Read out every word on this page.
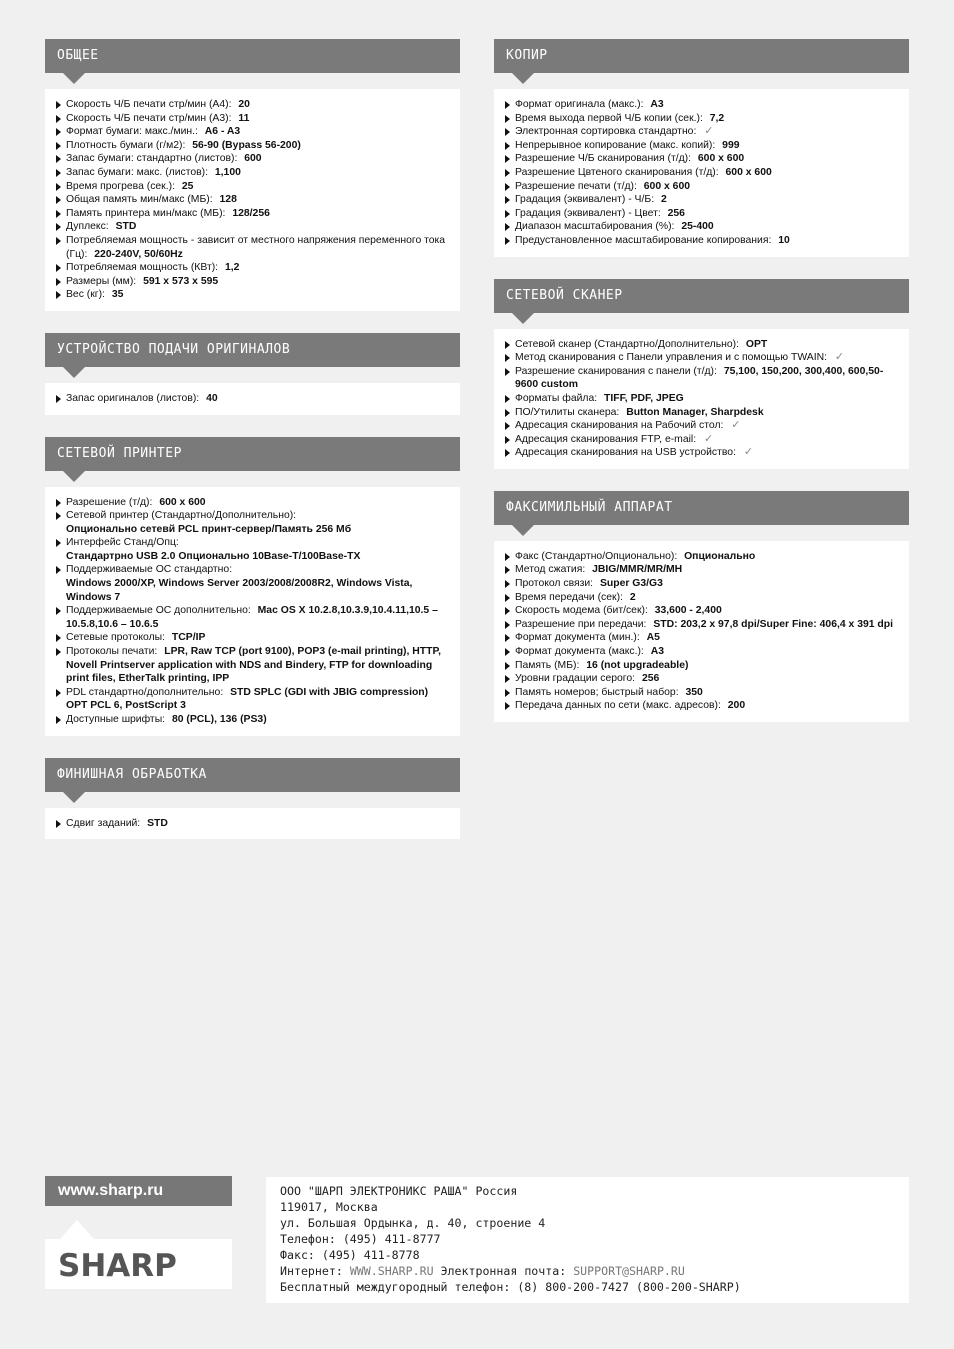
ОБЩЕЕ
Скорость Ч/Б печати стр/мин (А4): 20
Скорость Ч/Б печати стр/мин (А3): 11
Формат бумаги: макс./мин.: A6 - A3
Плотность бумаги (г/м2): 56-90 (Bypass 56-200)
Запас бумаги: стандартно (листов): 600
Запас бумаги: макс. (листов): 1,100
Время прогрева (сек.): 25
Общая память мин/макс (МБ): 128
Память принтера мин/макс (МБ): 128/256
Дуплекс: STD
Потребляемая мощность - зависит от местного напряжения переменного тока (Гц): 220-240V, 50/60Hz
Потребляемая мощность (КВт): 1,2
Размеры (мм): 591 x 573 x 595
Вес (кг): 35
УСТРОЙСТВО ПОДАЧИ ОРИГИНАЛОВ
Запас оригиналов (листов): 40
СЕТЕВОЙ ПРИНТЕР
Разрешение (т/д): 600 x 600
Сетевой принтер (Стандартно/Дополнительно):
Опционально сетевй PCL принт-сервер/Память 256 Мб
Интерфейс Станд/Опц:
Стандартрно USB 2.0 Опционально 10Base-T/100Base-TX
Поддерживаемые ОС стандартно:
Windows 2000/XP, Windows Server 2003/2008/2008R2, Windows Vista, Windows 7
Поддерживаемые ОС дополнительно: Mac OS X 10.2.8,10.3.9,10.4.11,10.5 – 10.5.8,10.6 – 10.6.5
Сетевые протоколы: TCP/IP
Протоколы печати: LPR, Raw TCP (port 9100), POP3 (e-mail printing), HTTP, Novell Printserver application with NDS and Bindery, FTP for downloading print files, EtherTalk printing, IPP
PDL стандартно/дополнительно: STD SPLC (GDI with JBIG compression) OPT PCL 6, PostScript 3
Доступные шрифты: 80 (PCL), 136 (PS3)
ФИНИШНАЯ ОБРАБОТКА
Сдвиг заданий: STD
КОПИР
Формат оригинала (макс.): A3
Время выхода первой Ч/Б копии (сек.): 7,2
Электронная сортировка стандартно: ✓
Непрерывное копирование (макс. копий): 999
Разрешение Ч/Б сканирования (т/д): 600 x 600
Разрешение Цвтеного сканирования (т/д): 600 x 600
Разрешение печати (т/д): 600 x 600
Градация (эквивалент) - Ч/Б: 2
Градация (эквивалент) - Цвет: 256
Диапазон масштабирования (%): 25-400
Предустановленное масштабирование копирования: 10
СЕТЕВОЙ СКАНЕР
Сетевой сканер (Стандартно/Дополнительно): OPT
Метод сканирования с Панели управления и с помощью TWAIN: ✓
Разрешение сканирования с панели (т/д): 75,100, 150,200, 300,400, 600,50-9600 custom
Форматы файла: TIFF, PDF, JPEG
ПО/Утилиты сканера: Button Manager, Sharpdesk
Адресация сканирования на Рабочий стол: ✓
Адресация сканирования FTP, e-mail: ✓
Адресация сканирования на USB устройство: ✓
ФАКСИМИЛЬНЫЙ АППАРАТ
Факс (Стандартно/Опционально): Опционально
Метод сжатия: JBIG/MMR/MR/MH
Протокол связи: Super G3/G3
Время передачи (сек): 2
Скорость модема (бит/сек): 33,600 - 2,400
Разрешение при передачи: STD: 203,2 x 97,8 dpi/Super Fine: 406,4 x 391 dpi
Формат документа (мин.): A5
Формат документа (макс.): A3
Память (МБ): 16 (not upgradeable)
Уровни градации серого: 256
Память номеров; быстрый набор: 350
Передача данных по сети (макс. адресов): 200
www.sharp.ru
SHARP
ООО "ШАРП ЭЛЕКТРОНИКС РАША" Россия
119017, Москва
ул. Большая Ордынка, д. 40, строение 4
Телефон: (495) 411-8777
Факс: (495) 411-8778
Интернет: WWW.SHARP.RU Электронная почта: SUPPORT@SHARP.RU
Бесплатный междугородный телефон: (8) 800-200-7427 (800-200-SHARP)
